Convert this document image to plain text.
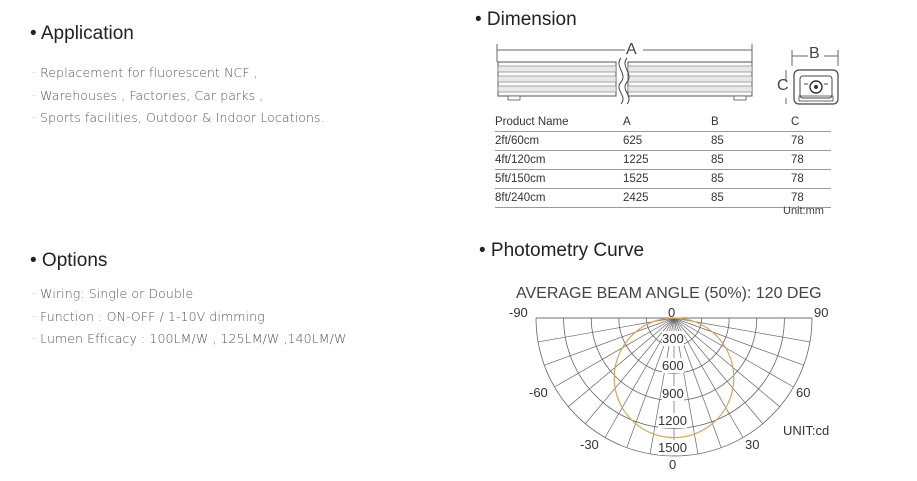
• Application
· Replacement for fluorescent NCF ,
· Warehouses , Factories, Car parks ,
· Sports facilities, Outdoor & Indoor Locations.
• Options
· Wiring: Single or Double
· Function : ON-OFF / 1-10V dimming
· Lumen Efficacy : 100LM/W , 125LM/W ,140LM/W
• Dimension
A	B
C
Product Name	A	B	C
2ft/60cm	625	85	78
4ft/120cm	1225	85	78
5ft/150cm	1525	85	78
8ft/240cm	2425	85	78
Unit:mm
• Photometry Curve
AVERAGE BEAM ANGLE (50%): 120 DEG
-90	90
0
-60	60
-30	30
0
300
600
900
1200
1500
UNIT:cd
